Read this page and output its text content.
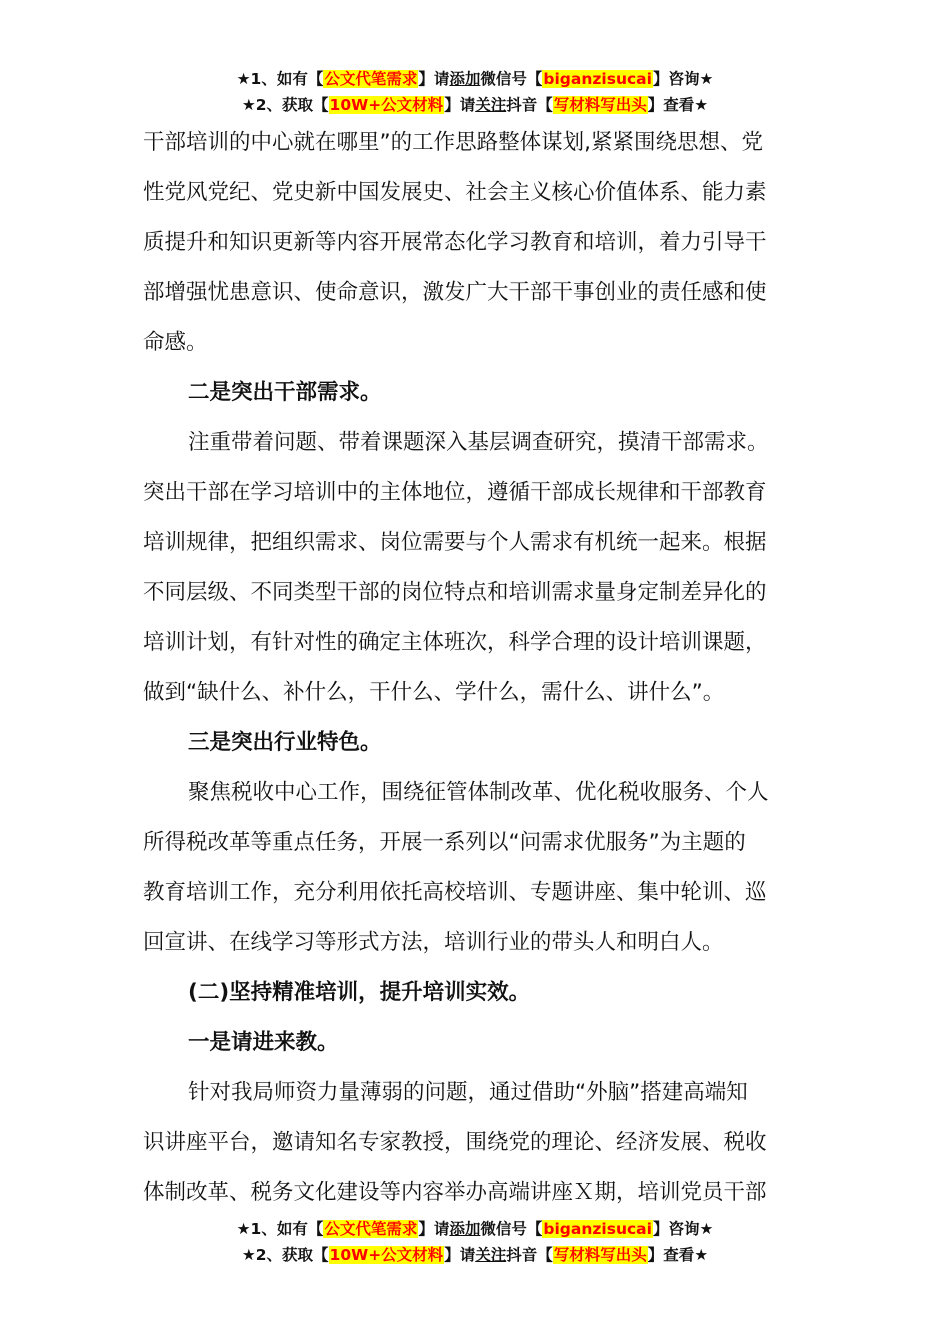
★1、如有【公文代笔需求】请添加微信号【biganzisucai】咨询★
★2、获取【10W+公文材料】请关注抖音【写材料写出头】查看★
干部培训的中心就在哪里”的工作思路整体谋划,紧紧围绕思想、党
性党风党纪、党史新中国发展史、社会主义核心价值体系、能力素
质提升和知识更新等内容开展常态化学习教育和培训，着力引导干
部增强忧患意识、使命意识，激发广大干部干事创业的责任感和使
命感。
二是突出干部需求。
注重带着问题、带着课题深入基层调查研究，摸清干部需求。
突出干部在学习培训中的主体地位，遵循干部成长规律和干部教育
培训规律，把组织需求、岗位需要与个人需求有机统一起来。根据
不同层级、不同类型干部的岗位特点和培训需求量身定制差异化的
培训计划，有针对性的确定主体班次，科学合理的设计培训课题，
做到“缺什么、补什么，干什么、学什么，需什么、讲什么”。
三是突出行业特色。
聚焦税收中心工作，围绕征管体制改革、优化税收服务、个人
所得税改革等重点任务，开展一系列以“问需求优服务”为主题的
教育培训工作，充分利用依托高校培训、专题讲座、集中轮训、巡
回宣讲、在线学习等形式方法，培训行业的带头人和明白人。
(二)坚持精准培训，提升培训实效。
一是请进来教。
针对我局师资力量薄弱的问题，通过借助“外脑”搭建高端知
识讲座平台，邀请知名专家教授，围绕党的理论、经济发展、税收
体制改革、税务文化建设等内容举办高端讲座Ｘ期，培训党员干部
★1、如有【公文代笔需求】请添加微信号【biganzisucai】咨询★
★2、获取【10W+公文材料】请关注抖音【写材料写出头】查看★
